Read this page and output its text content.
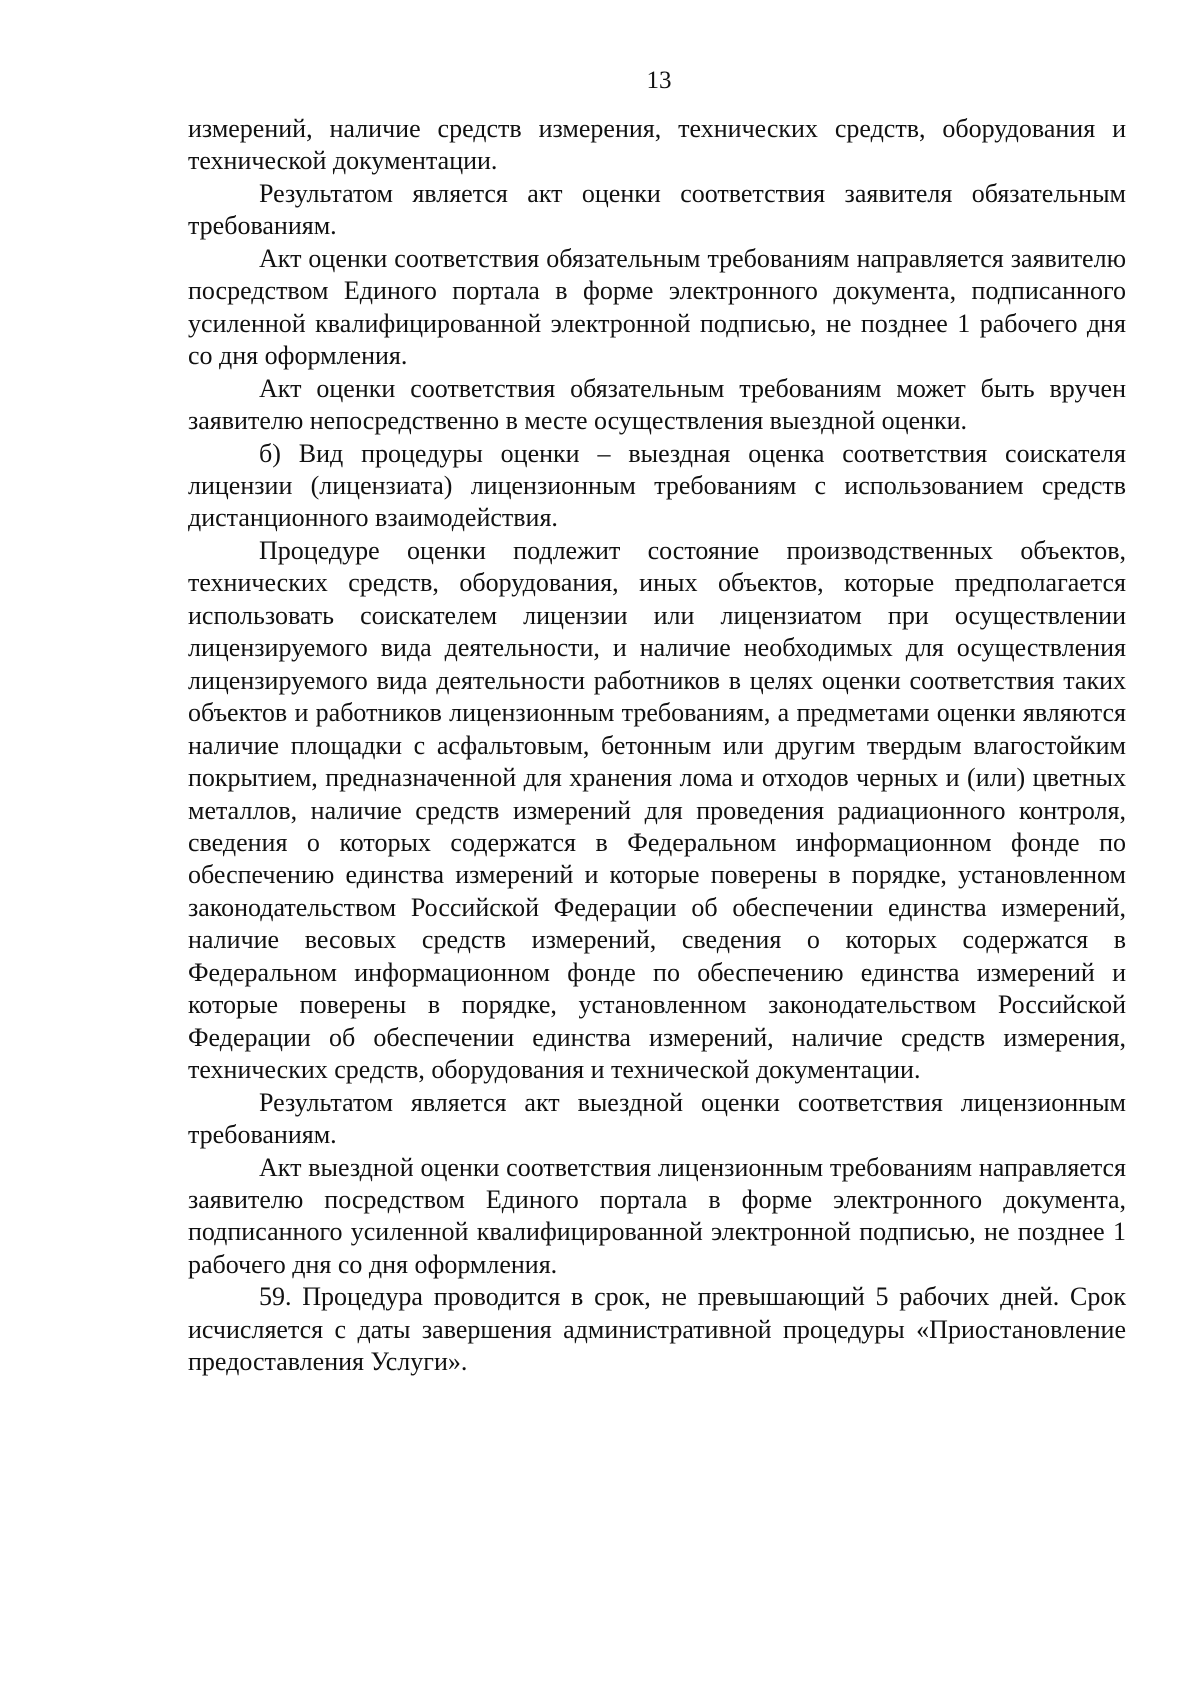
13

измерений, наличие средств измерения, технических средств, оборудования и технической документации.

Результатом является акт оценки соответствия заявителя обязательным требованиям.

Акт оценки соответствия обязательным требованиям направляется заявителю посредством Единого портала в форме электронного документа, подписанного усиленной квалифицированной электронной подписью, не позднее 1 рабочего дня со дня оформления.

Акт оценки соответствия обязательным требованиям может быть вручен заявителю непосредственно в месте осуществления выездной оценки.

б) Вид процедуры оценки – выездная оценка соответствия соискателя лицензии (лицензиата) лицензионным требованиям с использованием средств дистанционного взаимодействия.

Процедуре оценки подлежит состояние производственных объектов, технических средств, оборудования, иных объектов, которые предполагается использовать соискателем лицензии или лицензиатом при осуществлении лицензируемого вида деятельности, и наличие необходимых для осуществления лицензируемого вида деятельности работников в целях оценки соответствия таких объектов и работников лицензионным требованиям, а предметами оценки являются наличие площадки с асфальтовым, бетонным или другим твердым влагостойким покрытием, предназначенной для хранения лома и отходов черных и (или) цветных металлов, наличие средств измерений для проведения радиационного контроля, сведения о которых содержатся в Федеральном информационном фонде по обеспечению единства измерений и которые поверены в порядке, установленном законодательством Российской Федерации об обеспечении единства измерений, наличие весовых средств измерений, сведения о которых содержатся в Федеральном информационном фонде по обеспечению единства измерений и которые поверены в порядке, установленном законодательством Российской Федерации об обеспечении единства измерений, наличие средств измерения, технических средств, оборудования и технической документации.

Результатом является акт выездной оценки соответствия лицензионным требованиям.

Акт выездной оценки соответствия лицензионным требованиям направляется заявителю посредством Единого портала в форме электронного документа, подписанного усиленной квалифицированной электронной подписью, не позднее 1 рабочего дня со дня оформления.

59. Процедура проводится в срок, не превышающий 5 рабочих дней. Срок исчисляется с даты завершения административной процедуры «Приостановление предоставления Услуги».
